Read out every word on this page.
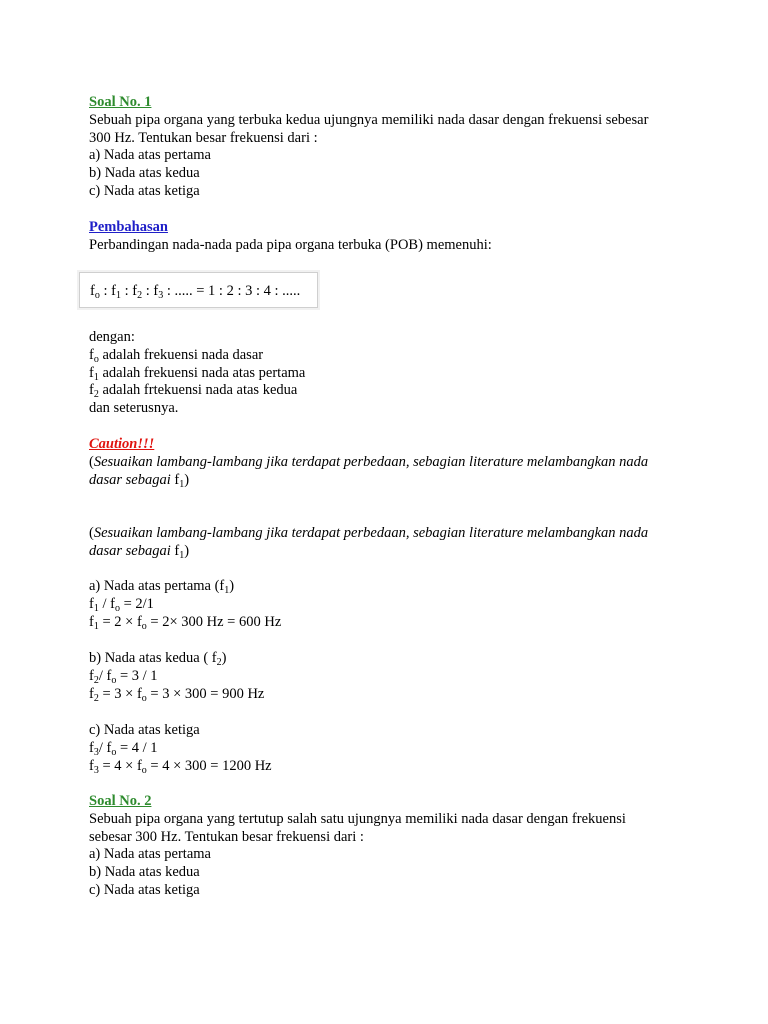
Soal No. 1
Sebuah pipa organa yang terbuka kedua ujungnya memiliki nada dasar dengan frekuensi sebesar
300 Hz. Tentukan besar frekuensi dari :
a) Nada atas pertama
b) Nada atas kedua
c) Nada atas ketiga
Pembahasan
Perbandingan nada-nada pada pipa organa terbuka (POB) memenuhi:
$f_o$ : $f_1$ : $f_2$ : $f_3$ : ..... = 1 : 2 : 3 : 4 : .....
dengan:
$f_o$ adalah frekuensi nada dasar
$f_1$ adalah frekuensi nada atas pertama
$f_2$ adalah frtekuensi nada atas kedua
dan seterusnya.
Caution!!!
(Sesuaikan lambang-lambang jika terdapat perbedaan, sebagian literature melambangkan nada
dasar sebagai $f_1$)
(Sesuaikan lambang-lambang jika terdapat perbedaan, sebagian literature melambangkan nada
dasar sebagai $f_1$)
a) Nada atas pertama $(f_1)$
$f_1 / f_o = 2/1$
$f_1 = 2 \times f_o = 2\times 300$ Hz = 600 Hz
b) Nada atas kedua ( $f_2$)
$f_2/$ $f_o = 3 / 1$
$f_2 = 3 \times f_o = 3 \times 300 = 900$ Hz
c) Nada atas ketiga
$f_3/$ $f_o = 4 / 1$
$f_3 = 4 \times f_o = 4 \times 300 = 1200$ Hz
Soal No. 2
Sebuah pipa organa yang tertutup salah satu ujungnya memiliki nada dasar dengan frekuensi
sebesar 300 Hz. Tentukan besar frekuensi dari :
a) Nada atas pertama
b) Nada atas kedua
c) Nada atas ketiga
